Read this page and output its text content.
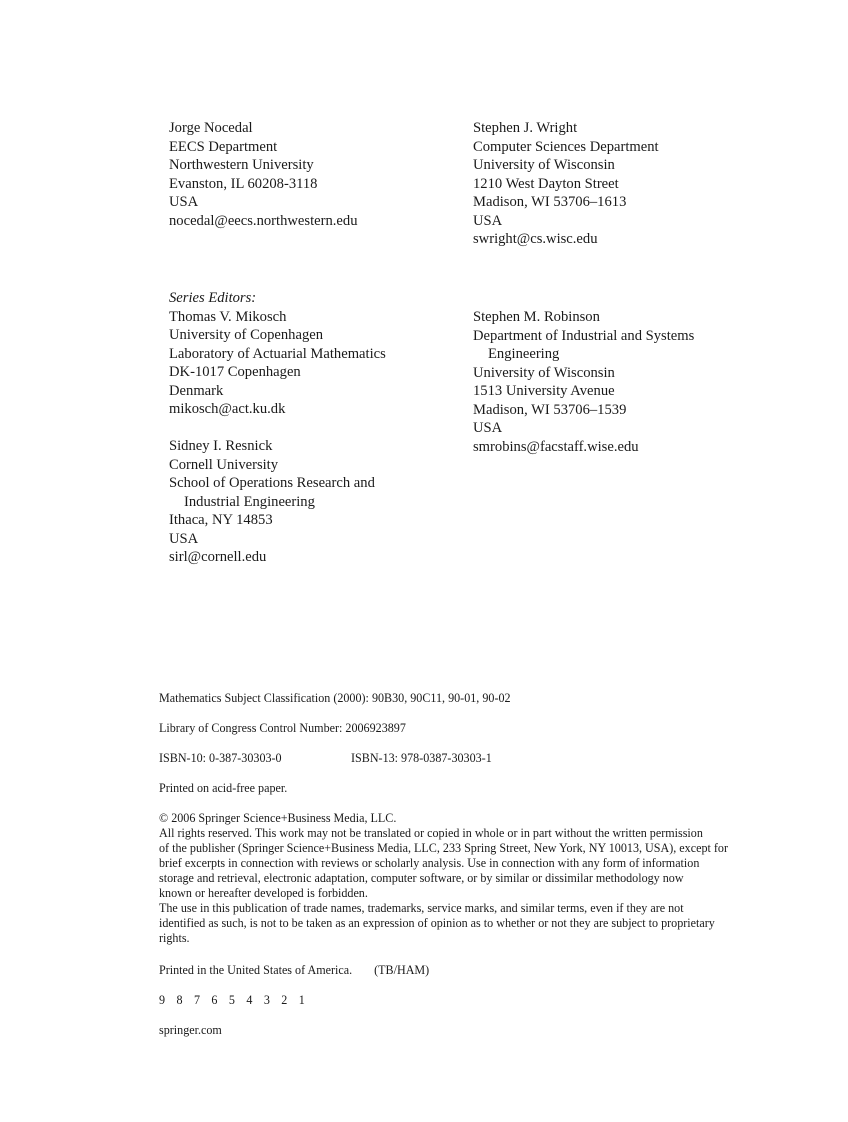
Jorge Nocedal
EECS Department
Northwestern University
Evanston, IL 60208-3118
USA
nocedal@eecs.northwestern.edu
Stephen J. Wright
Computer Sciences Department
University of Wisconsin
1210 West Dayton Street
Madison, WI 53706–1613
USA
swright@cs.wisc.edu
Series Editors:
Thomas V. Mikosch
University of Copenhagen
Laboratory of Actuarial Mathematics
DK-1017 Copenhagen
Denmark
mikosch@act.ku.dk

Sidney I. Resnick
Cornell University
School of Operations Research and
Industrial Engineering
Ithaca, NY 14853
USA
sirl@cornell.edu
Stephen M. Robinson
Department of Industrial and Systems
Engineering
University of Wisconsin
1513 University Avenue
Madison, WI 53706–1539
USA
smrobins@facstaff.wise.edu
Mathematics Subject Classification (2000): 90B30, 90C11, 90-01, 90-02
Library of Congress Control Number: 2006923897
ISBN-10: 0-387-30303-0	ISBN-13: 978-0387-30303-1
Printed on acid-free paper.
© 2006 Springer Science+Business Media, LLC.
All rights reserved. This work may not be translated or copied in whole or in part without the written permission
of the publisher (Springer Science+Business Media, LLC, 233 Spring Street, New York, NY 10013, USA), except for
brief excerpts in connection with reviews or scholarly analysis. Use in connection with any form of information
storage and retrieval, electronic adaptation, computer software, or by similar or dissimilar methodology now
known or hereafter developed is forbidden.
The use in this publication of trade names, trademarks, service marks, and similar terms, even if they are not
identified as such, is not to be taken as an expression of opinion as to whether or not they are subject to proprietary
rights.
Printed in the United States of America. (TB/HAM)
9 8 7 6 5 4 3 2 1
springer.com
